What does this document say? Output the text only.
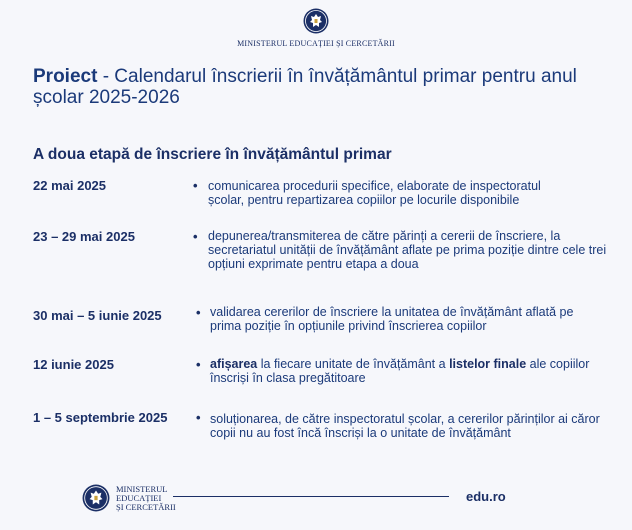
MINISTERUL EDUCAȚIEI ȘI CERCETĂRII
Proiect - Calendarul înscrierii în învățământul primar pentru anul școlar 2025-2026
A doua etapă de înscriere în învățământul primar
22 mai 2025	• comunicarea procedurii specifice, elaborate de inspectoratul școlar, pentru repartizarea copiilor pe locurile disponibile
23 – 29 mai 2025	• depunerea/transmiterea de către părinți a cererii de înscriere, la secretariatul unității de învățământ aflate pe prima poziție dintre cele trei opțiuni exprimate pentru etapa a doua
30 mai – 5 iunie 2025	• validarea cererilor de înscriere la unitatea de învățământ aflată pe prima poziție în opțiunile privind înscrierea copiilor
12 iunie 2025	• afișarea la fiecare unitate de învățământ a listelor finale ale copiilor înscriși în clasa pregătitoare
1 – 5 septembrie 2025 • soluționarea, de către inspectoratul școlar, a cererilor părinților ai căror copii nu au fost încă înscriși la o unitate de învățământ
MINISTERUL
EDUCAȚIEI
ȘI CERCETĂRII
edu.ro
